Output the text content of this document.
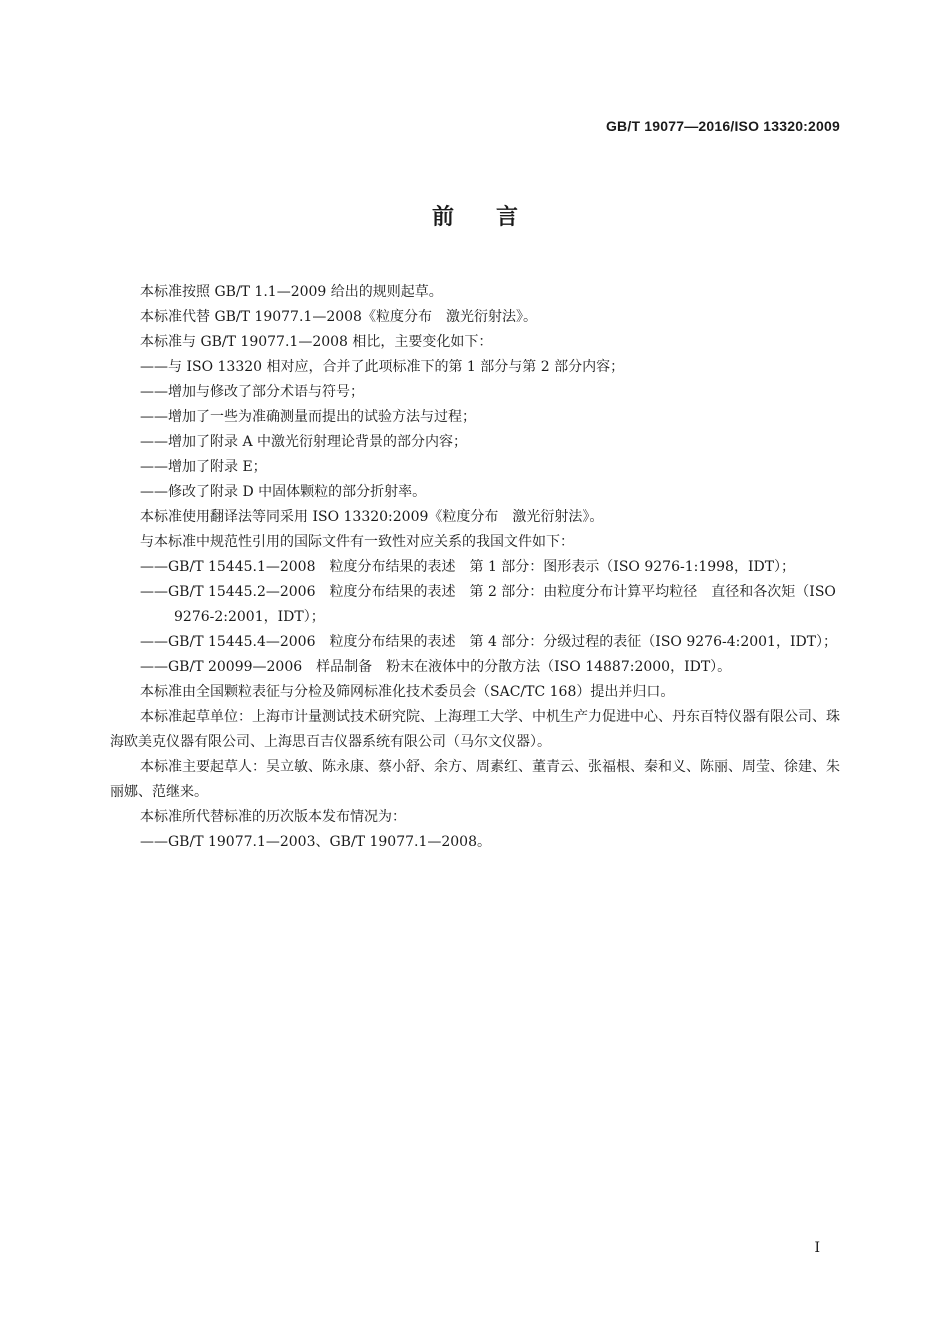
GB/T 19077—2016/ISO 13320:2009
前言

本标准按照 GB/T 1.1—2009 给出的规则起草。

本标准代替 GB/T 19077.1—2008《粒度分布　激光衍射法》。

本标准与 GB/T 19077.1—2008 相比，主要变化如下：

——与 ISO 13320 相对应，合并了此项标准下的第 1 部分与第 2 部分内容；

——增加与修改了部分术语与符号；

——增加了一些为准确测量而提出的试验方法与过程；

——增加了附录 A 中激光衍射理论背景的部分内容；

——增加了附录 E；

——修改了附录 D 中固体颗粒的部分折射率。

本标准使用翻译法等同采用 ISO 13320:2009《粒度分布　激光衍射法》。

与本标准中规范性引用的国际文件有一致性对应关系的我国文件如下：

——GB/T 15445.1—2008　粒度分布结果的表述　第 1 部分：图形表示（ISO 9276-1:1998，IDT）；

——GB/T 15445.2—2006　粒度分布结果的表述　第 2 部分：由粒度分布计算平均粒径　直径和各次矩（ISO 9276-2:2001，IDT）；

——GB/T 15445.4—2006　粒度分布结果的表述　第 4 部分：分级过程的表征（ISO 9276-4:2001，IDT）；

——GB/T 20099—2006　样品制备　粉末在液体中的分散方法（ISO 14887:2000，IDT）。

本标准由全国颗粒表征与分检及筛网标准化技术委员会（SAC/TC 168）提出并归口。

本标准起草单位：上海市计量测试技术研究院、上海理工大学、中机生产力促进中心、丹东百特仪器有限公司、珠海欧美克仪器有限公司、上海思百吉仪器系统有限公司（马尔文仪器）。

本标准主要起草人：吴立敏、陈永康、蔡小舒、余方、周素红、董青云、张福根、秦和义、陈丽、周莹、徐建、朱丽娜、范继来。

本标准所代替标准的历次版本发布情况为：

——GB/T 19077.1—2003、GB/T 19077.1—2008。

I
